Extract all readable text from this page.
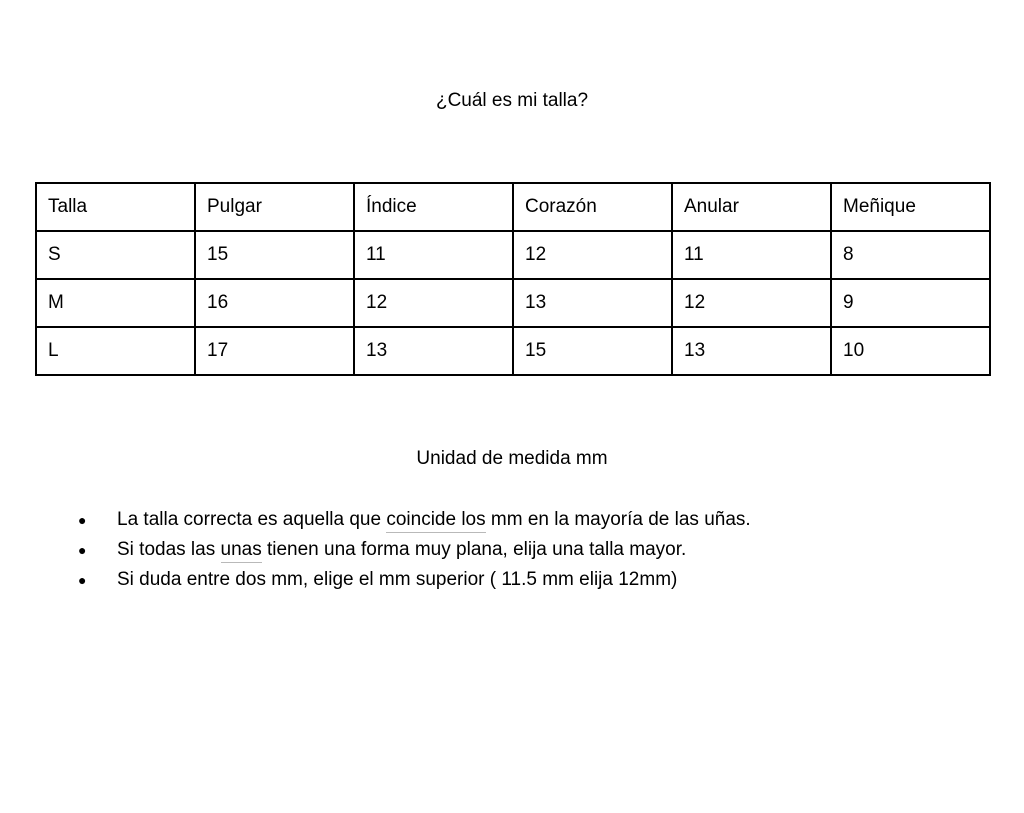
¿Cuál es mi talla?
Talla	Pulgar	Índice	Corazón	Anular	Meñique
S	15	11	12	11	8
M	16	12	13	12	9
L	17	13	15	13	10
Unidad de medida mm
●	La talla correcta es aquella que coincide los mm en la mayoría de las uñas.
●	Si todas las unas tienen una forma muy plana, elija una talla mayor.
●	Si duda entre dos mm, elige el mm superior ( 11.5 mm elija 12mm)
